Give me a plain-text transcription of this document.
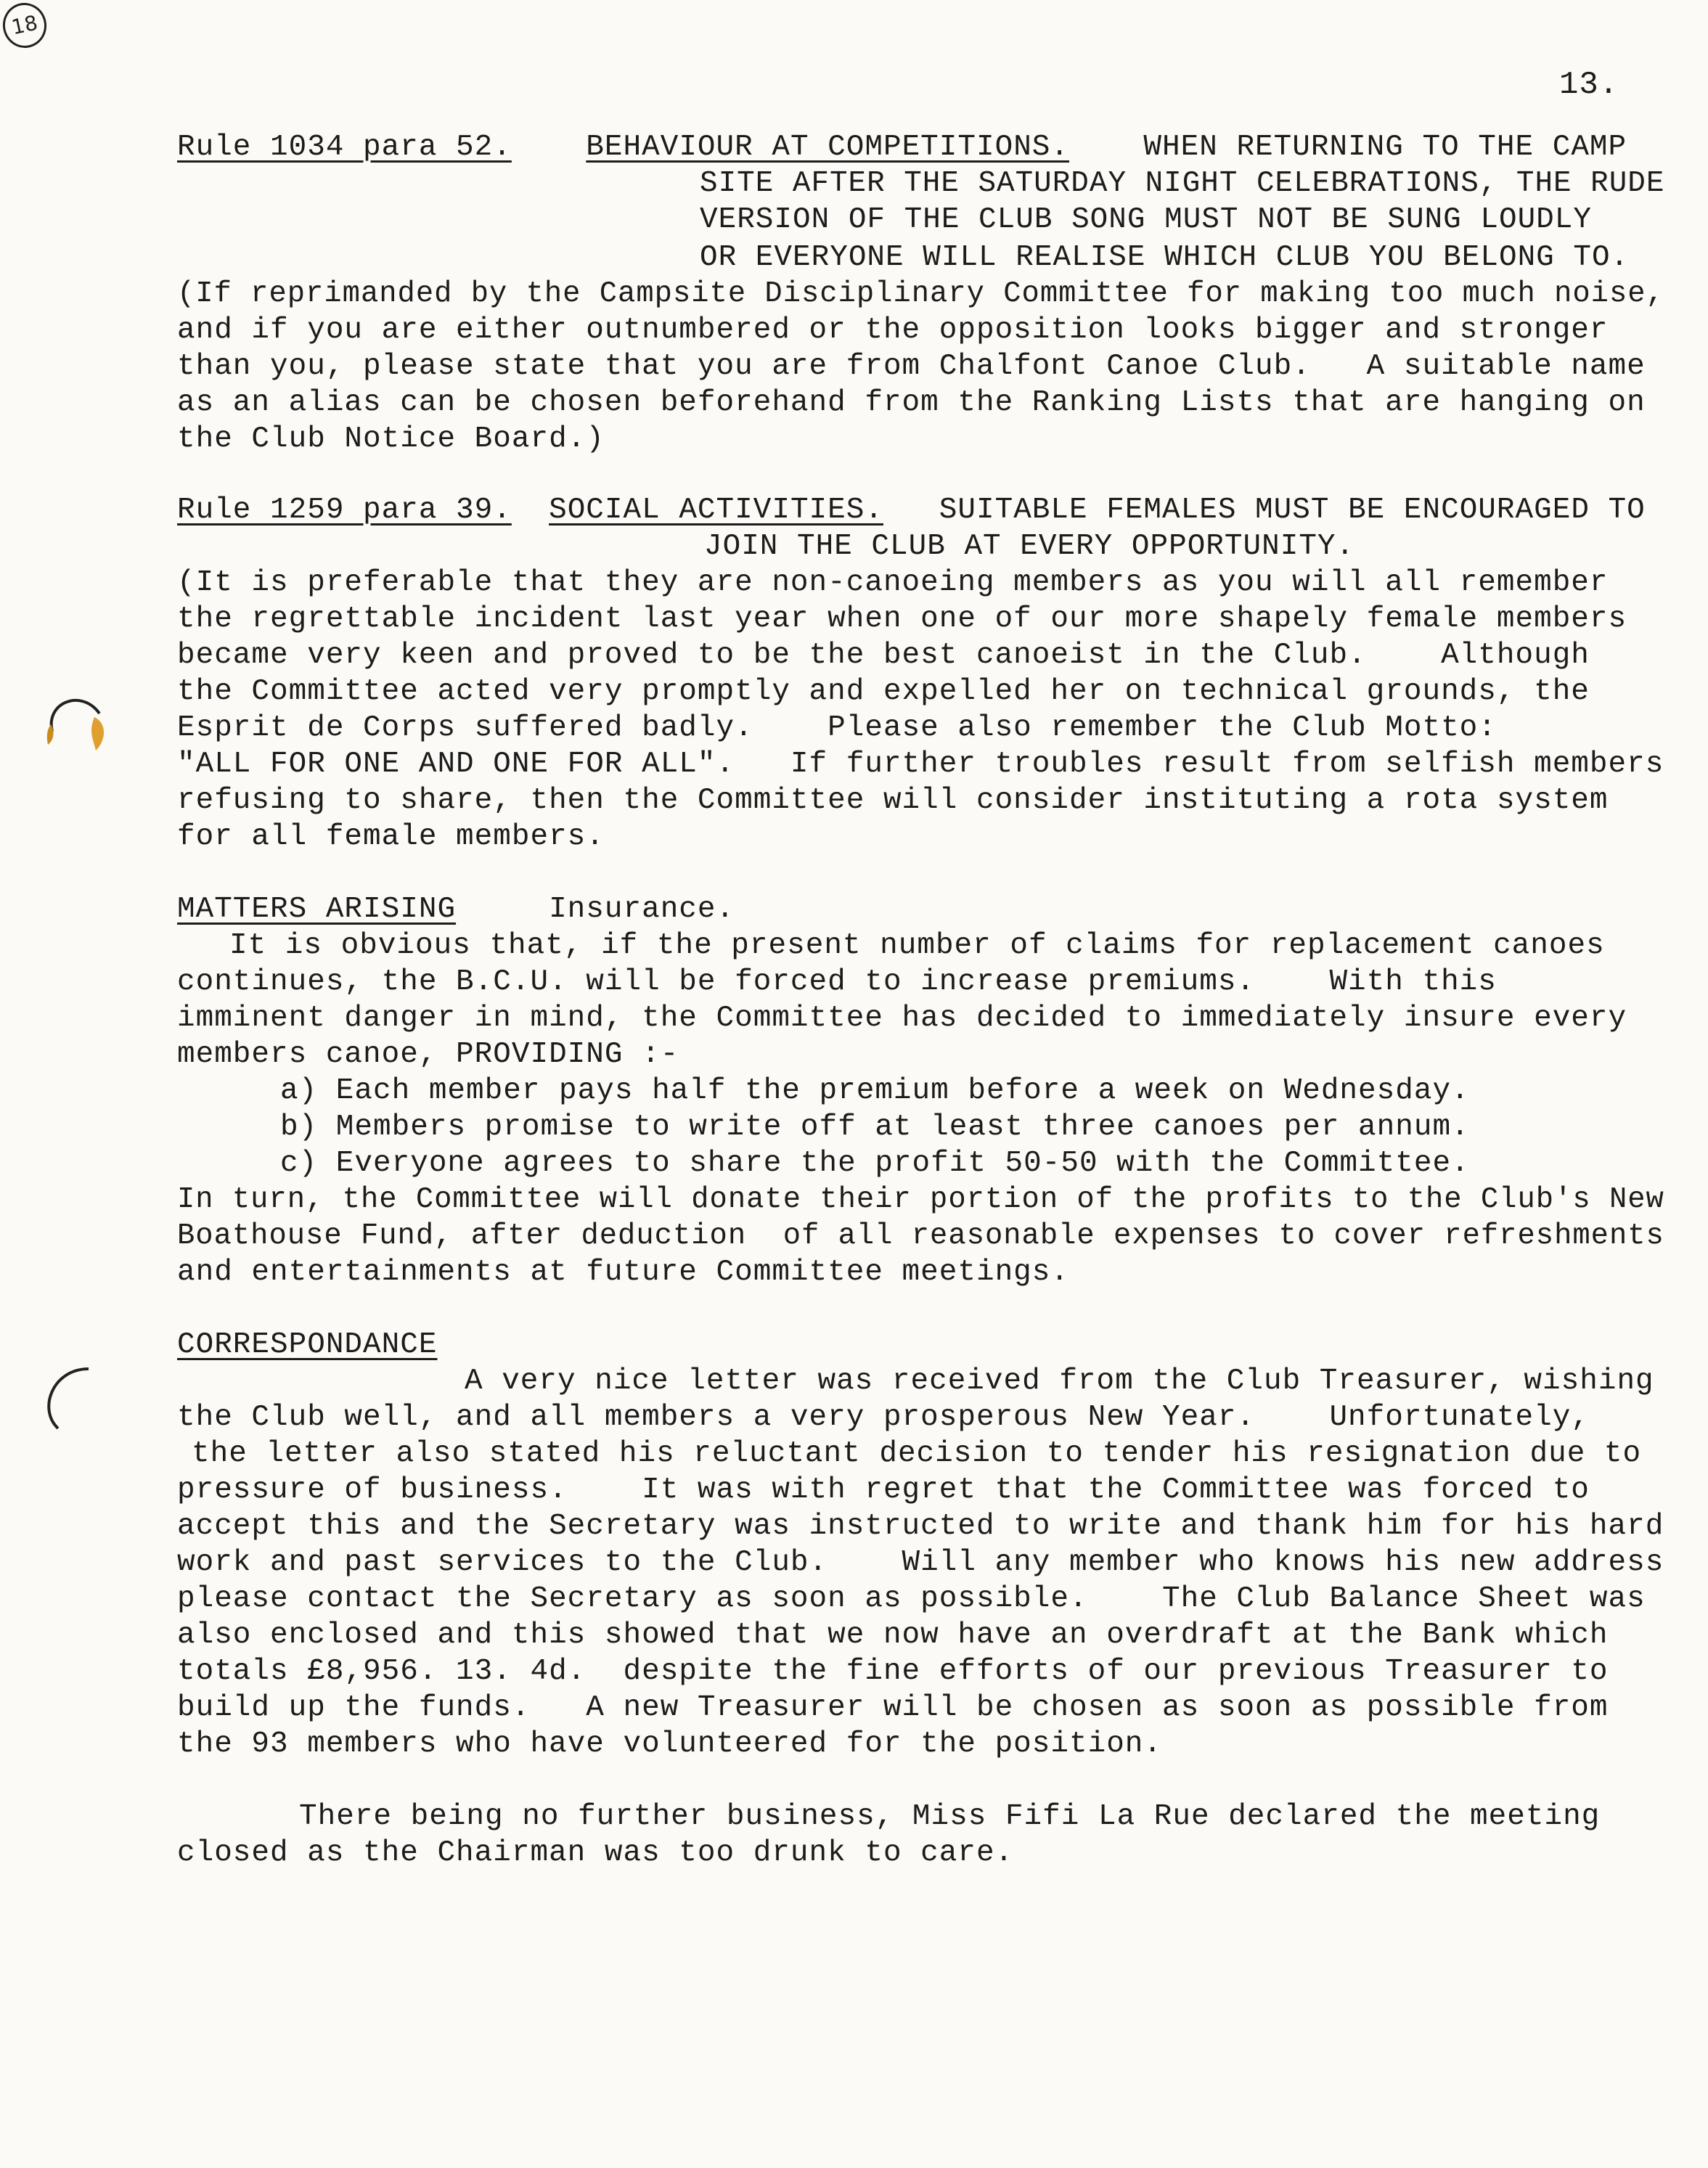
18
13.
Rule 1034 para 52. BEHAVIOUR AT COMPETITIONS.    WHEN RETURNING TO THE CAMP
SITE AFTER THE SATURDAY NIGHT CELEBRATIONS, THE RUDE
VERSION OF THE CLUB SONG MUST NOT BE SUNG LOUDLY
OR EVERYONE WILL REALISE WHICH CLUB YOU BELONG TO.
(If reprimanded by the Campsite Disciplinary Committee for making too much noise,
and if you are either outnumbered or the opposition looks bigger and stronger
than you, please state that you are from Chalfont Canoe Club.   A suitable name
as an alias can be chosen beforehand from the Ranking Lists that are hanging on
the Club Notice Board.)
Rule 1259 para 39. SOCIAL ACTIVITIES.   SUITABLE FEMALES MUST BE ENCOURAGED TO
JOIN THE CLUB AT EVERY OPPORTUNITY.
(It is preferable that they are non-canoeing members as you will all remember
the regrettable incident last year when one of our more shapely female members
became very keen and proved to be the best canoeist in the Club.    Although
the Committee acted very promptly and expelled her on technical grounds, the
Esprit de Corps suffered badly.    Please also remember the Club Motto:
"ALL FOR ONE AND ONE FOR ALL".   If further troubles result from selfish members
refusing to share, then the Committee will consider instituting a rota system
for all female members.
MATTERS ARISING     Insurance.
It is obvious that, if the present number of claims for replacement canoes
continues, the B.C.U. will be forced to increase premiums.    With this
imminent danger in mind, the Committee has decided to immediately insure every
members canoe, PROVIDING :-
a) Each member pays half the premium before a week on Wednesday.
b) Members promise to write off at least three canoes per annum.
c) Everyone agrees to share the profit 50-50 with the Committee.
In turn, the Committee will donate their portion of the profits to the Club's New
Boathouse Fund, after deduction  of all reasonable expenses to cover refreshments
and entertainments at future Committee meetings.
CORRESPONDANCE
A very nice letter was received from the Club Treasurer, wishing
the Club well, and all members a very prosperous New Year.    Unfortunately,
the letter also stated his reluctant decision to tender his resignation due to
pressure of business.    It was with regret that the Committee was forced to
accept this and the Secretary was instructed to write and thank him for his hard
work and past services to the Club.    Will any member who knows his new address
please contact the Secretary as soon as possible.    The Club Balance Sheet was
also enclosed and this showed that we now have an overdraft at the Bank which
totals £8,956. 13. 4d.  despite the fine efforts of our previous Treasurer to
build up the funds.   A new Treasurer will be chosen as soon as possible from
the 93 members who have volunteered for the position.
There being no further business, Miss Fifi La Rue declared the meeting
closed as the Chairman was too drunk to care.
